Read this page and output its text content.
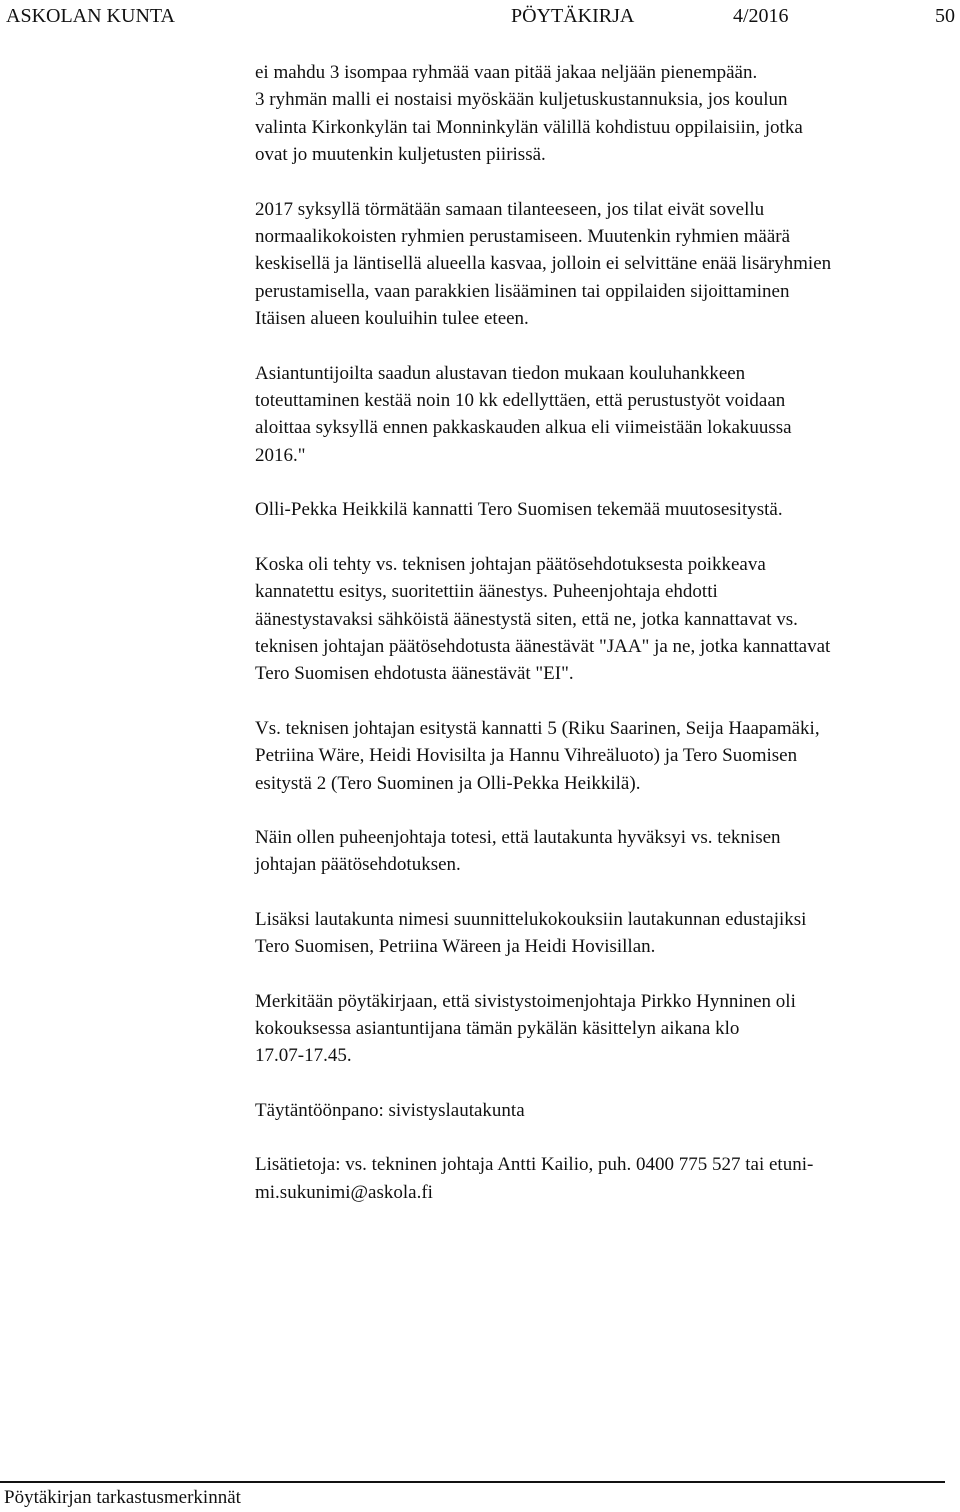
ASKOLAN KUNTA	PÖYTÄKIRJA	4/2016	50

ei mahdu 3 isompaa ryhmää vaan pitää jakaa neljään pienempään.

3 ryhmän malli ei nostaisi myöskään kuljetuskustannuksia, jos koulun
valinta Kirkonkylän tai Monninkylän välillä kohdistuu oppilaisiin, jotka
ovat jo muutenkin kuljetusten piirissä.

2017 syksyllä törmätään samaan tilanteeseen, jos tilat eivät sovellu
normaalikokoisten ryhmien perustamiseen. Muutenkin ryhmien määrä
keskisellä ja läntisellä alueella kasvaa, jolloin ei selvittäne enää lisäryhmien
perustamisella, vaan parakkien lisääminen tai oppilaiden sijoittaminen
Itäisen alueen kouluihin tulee eteen.

Asiantuntijoilta saadun alustavan tiedon mukaan kouluhankkeen
toteuttaminen kestää noin 10 kk edellyttäen, että perustustyöt voidaan
aloittaa syksyllä ennen pakkaskauden alkua eli viimeistään lokakuussa
2016."

Olli-Pekka Heikkilä kannatti Tero Suomisen tekemää muutosesitystä.

Koska oli tehty vs. teknisen johtajan päätösehdotuksesta poikkeava
kannatettu esitys, suoritettiin äänestys. Puheenjohtaja ehdotti
äänestystavaksi sähköistä äänestystä siten, että ne, jotka kannattavat vs.
teknisen johtajan päätösehdotusta äänestävät "JAA" ja ne, jotka kannattavat
Tero Suomisen ehdotusta äänestävät "EI".

Vs. teknisen johtajan esitystä kannatti 5 (Riku Saarinen, Seija Haapamäki,
Petriina Wäre, Heidi Hovisilta ja Hannu Vihreäluoto) ja Tero Suomisen
esitystä 2 (Tero Suominen ja Olli-Pekka Heikkilä).

Näin ollen puheenjohtaja totesi, että lautakunta hyväksyi vs. teknisen
johtajan päätösehdotuksen.

Lisäksi lautakunta nimesi suunnittelukokouksiin lautakunnan edustajiksi
Tero Suomisen, Petriina Wäreen ja Heidi Hovisillan.

Merkitään pöytäkirjaan, että sivistystoimenjohtaja Pirkko Hynninen oli
kokouksessa asiantuntijana tämän pykälän käsittelyn aikana klo
17.07-17.45.

Täytäntöönpano: sivistyslautakunta

Lisätietoja: vs. tekninen johtaja Antti Kailio, puh. 0400 775 527 tai etuni-
mi.sukunimi@askola.fi

Pöytäkirjan tarkastusmerkinnät
